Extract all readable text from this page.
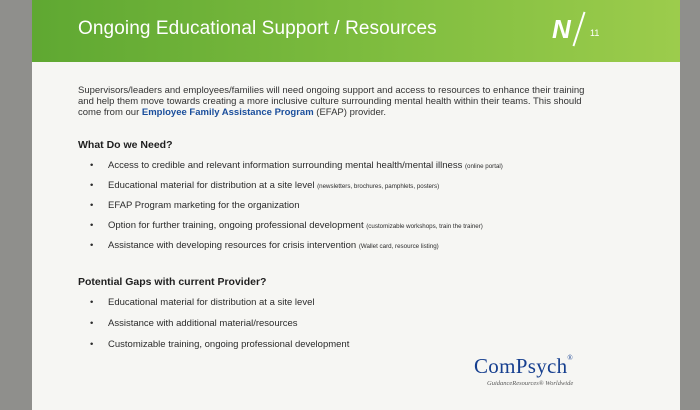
Ongoing Educational Support / Resources	N 11
Supervisors/leaders and employees/families will need ongoing support and access to resources to enhance their training and help them move towards creating a more inclusive culture surrounding mental health within their teams. This should come from our Employee Family Assistance Program (EFAP) provider.
What Do we Need?
• Access to credible and relevant information surrounding mental health/mental illness (online portal)
• Educational material for distribution at a site level (newsletters, brochures, pamphlets, posters)
• EFAP Program marketing for the organization
• Option for further training, ongoing professional development (customizable workshops, train the trainer)
• Assistance with developing resources for crisis intervention (Wallet card, resource listing)
Potential Gaps with current Provider?
• Educational material for distribution at a site level
• Assistance with additional material/resources
• Customizable training, ongoing professional development
ComPsych®
GuidanceResources® Worldwide
